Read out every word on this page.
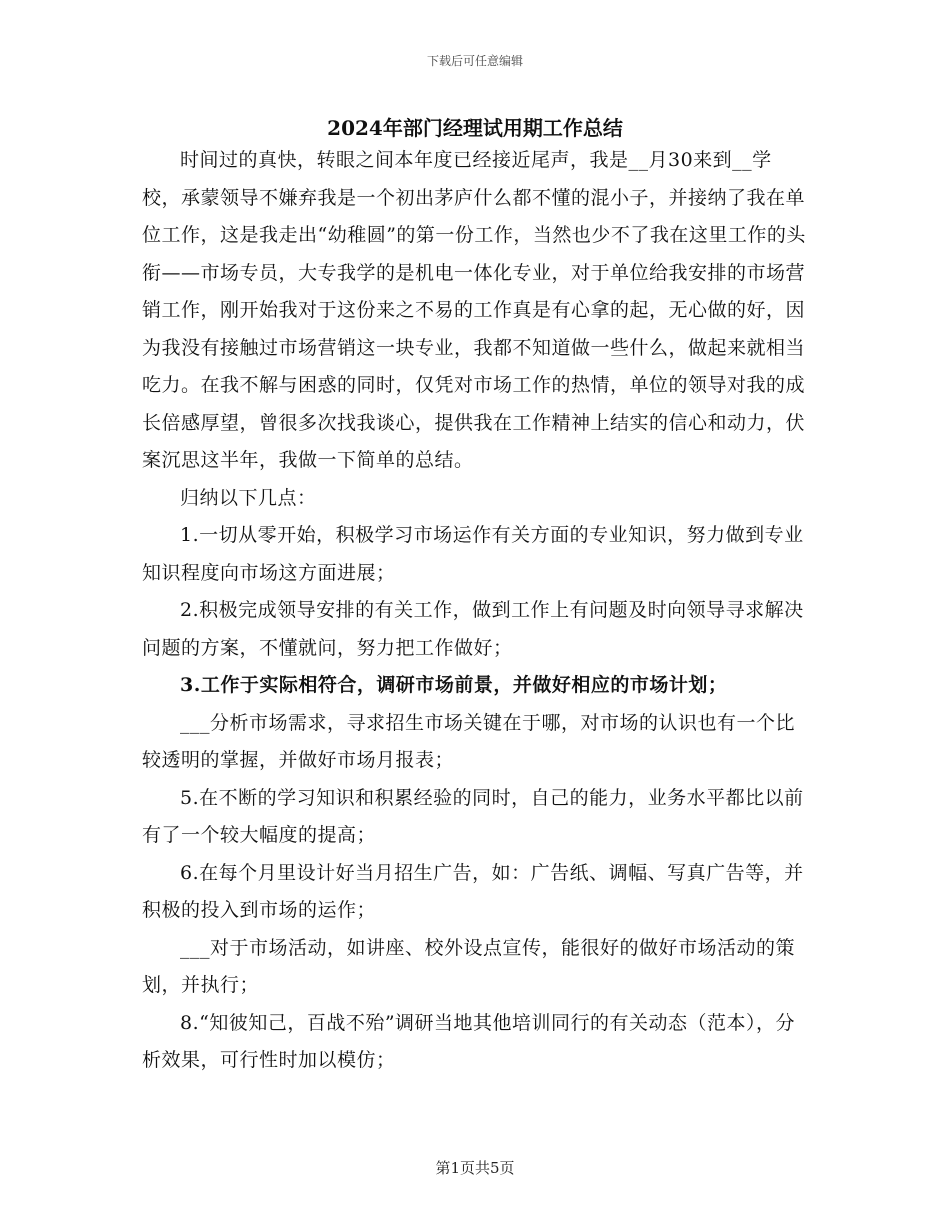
下载后可任意编辑
2024年部门经理试用期工作总结

时间过的真快，转眼之间本年度已经接近尾声，我是__月30来到__学校，承蒙领导不嫌弃我是一个初出茅庐什么都不懂的混小子，并接纳了我在单位工作，这是我走出“幼稚圆”的第一份工作，当然也少不了我在这里工作的头衔——市场专员，大专我学的是机电一体化专业，对于单位给我安排的市场营销工作，刚开始我对于这份来之不易的工作真是有心拿的起，无心做的好，因为我没有接触过市场营销这一块专业，我都不知道做一些什么，做起来就相当吃力。在我不解与困惑的同时，仅凭对市场工作的热情，单位的领导对我的成长倍感厚望，曾很多次找我谈心，提供我在工作精神上结实的信心和动力，伏案沉思这半年，我做一下简单的总结。

归纳以下几点：

1.一切从零开始，积极学习市场运作有关方面的专业知识，努力做到专业知识程度向市场这方面进展；

2.积极完成领导安排的有关工作，做到工作上有问题及时向领导寻求解决问题的方案，不懂就问，努力把工作做好；

3.工作于实际相符合，调研市场前景，并做好相应的市场计划；

___分析市场需求，寻求招生市场关键在于哪，对市场的认识也有一个比较透明的掌握，并做好市场月报表；

5.在不断的学习知识和积累经验的同时，自己的能力，业务水平都比以前有了一个较大幅度的提高；

6.在每个月里设计好当月招生广告，如：广告纸、调幅、写真广告等，并积极的投入到市场的运作；

___对于市场活动，如讲座、校外设点宣传，能很好的做好市场活动的策划，并执行；

8.“知彼知己，百战不殆”调研当地其他培训同行的有关动态（范本），分析效果，可行性时加以模仿；

第1页共5页
